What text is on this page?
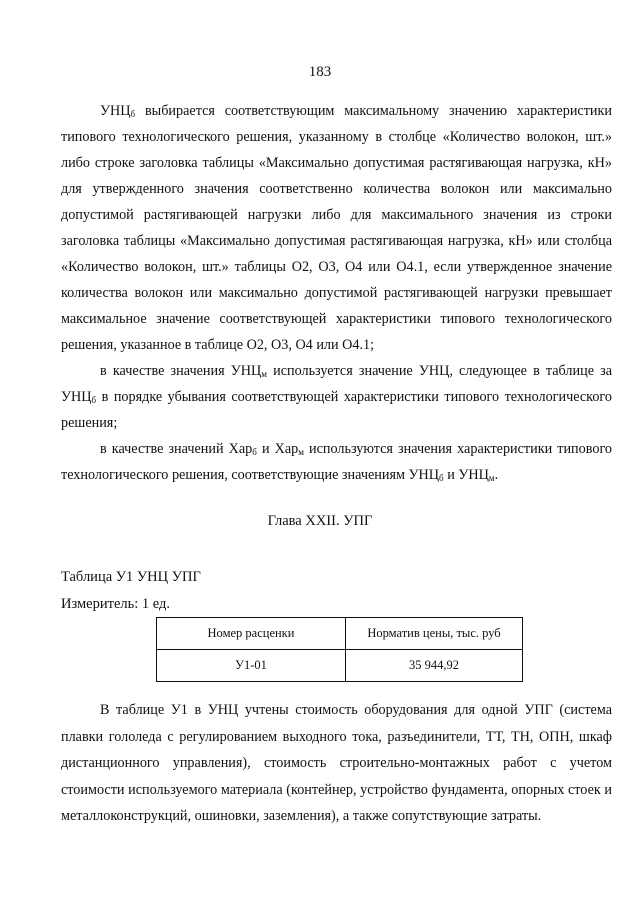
183

$УНЦ_б$ выбирается соответствующим максимальному значению характеристики типового технологического решения, указанному в столбце «Количество волокон, шт.» либо строке заголовка таблицы «Максимально допустимая растягивающая нагрузка, кН» для утвержденного значения соответственно количества волокон или максимально допустимой растягивающей нагрузки либо для максимального значения из строки заголовка таблицы «Максимально допустимая растягивающая нагрузка, кН» или столбца «Количество волокон, шт.» таблицы О2, О3, О4 или О4.1, если утвержденное значение количества волокон или максимально допустимой растягивающей нагрузки превышает максимальное значение соответствующей характеристики типового технологического решения, указанное в таблице О2, О3, О4 или О4.1;

в качестве значения $УНЦ_м$ используется значение УНЦ, следующее в таблице за $УНЦ_б$ в порядке убывания соответствующей характеристики типового технологического решения;

в качестве значений Хар$_б$ и Хар$_м$ используются значения характеристики типового технологического решения, соответствующие значениям $УНЦ_б$ и $УНЦ_м$.

Глава XXII. УПГ
Таблица У1 УНЦ УПГ
Измеритель: 1 ед.
Номер расценки	Норматив цены, тыс. руб
У1-01	35 944,92

В таблице У1 в УНЦ учтены стоимость оборудования для одной УПГ (система плавки гололеда с регулированием выходного тока, разъединители, ТТ, ТН, ОПН, шкаф дистанционного управления), стоимость строительно-монтажных работ с учетом стоимости используемого материала (контейнер, устройство фундамента, опорных стоек и металлоконструкций, ошиновки, заземления), а также сопутствующие затраты.
